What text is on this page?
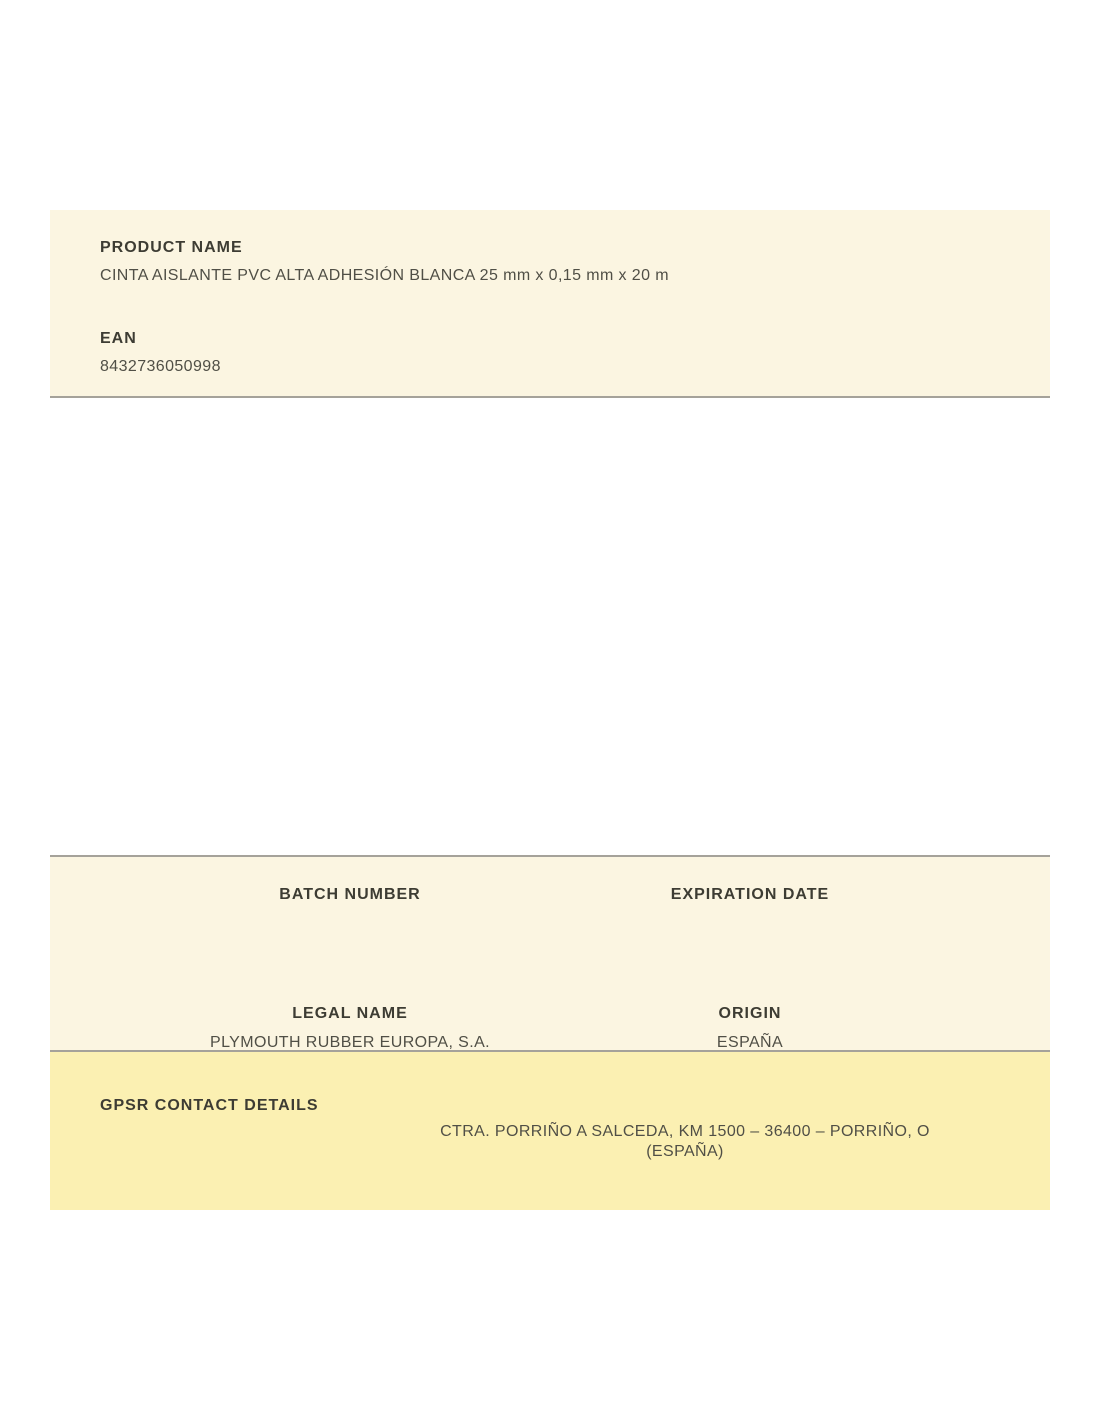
PRODUCT NAME
CINTA AISLANTE PVC ALTA ADHESIÓN BLANCA 25 mm x 0,15 mm x 20 m
EAN
8432736050998
BATCH NUMBER	EXPIRATION DATE
LEGAL NAME
PLYMOUTH RUBBER EUROPA, S.A.
ORIGIN
ESPAÑA
GPSR CONTACT DETAILS
CTRA. PORRIÑO A SALCEDA, KM 1500 – 36400 – PORRIÑO, O (ESPAÑA)
